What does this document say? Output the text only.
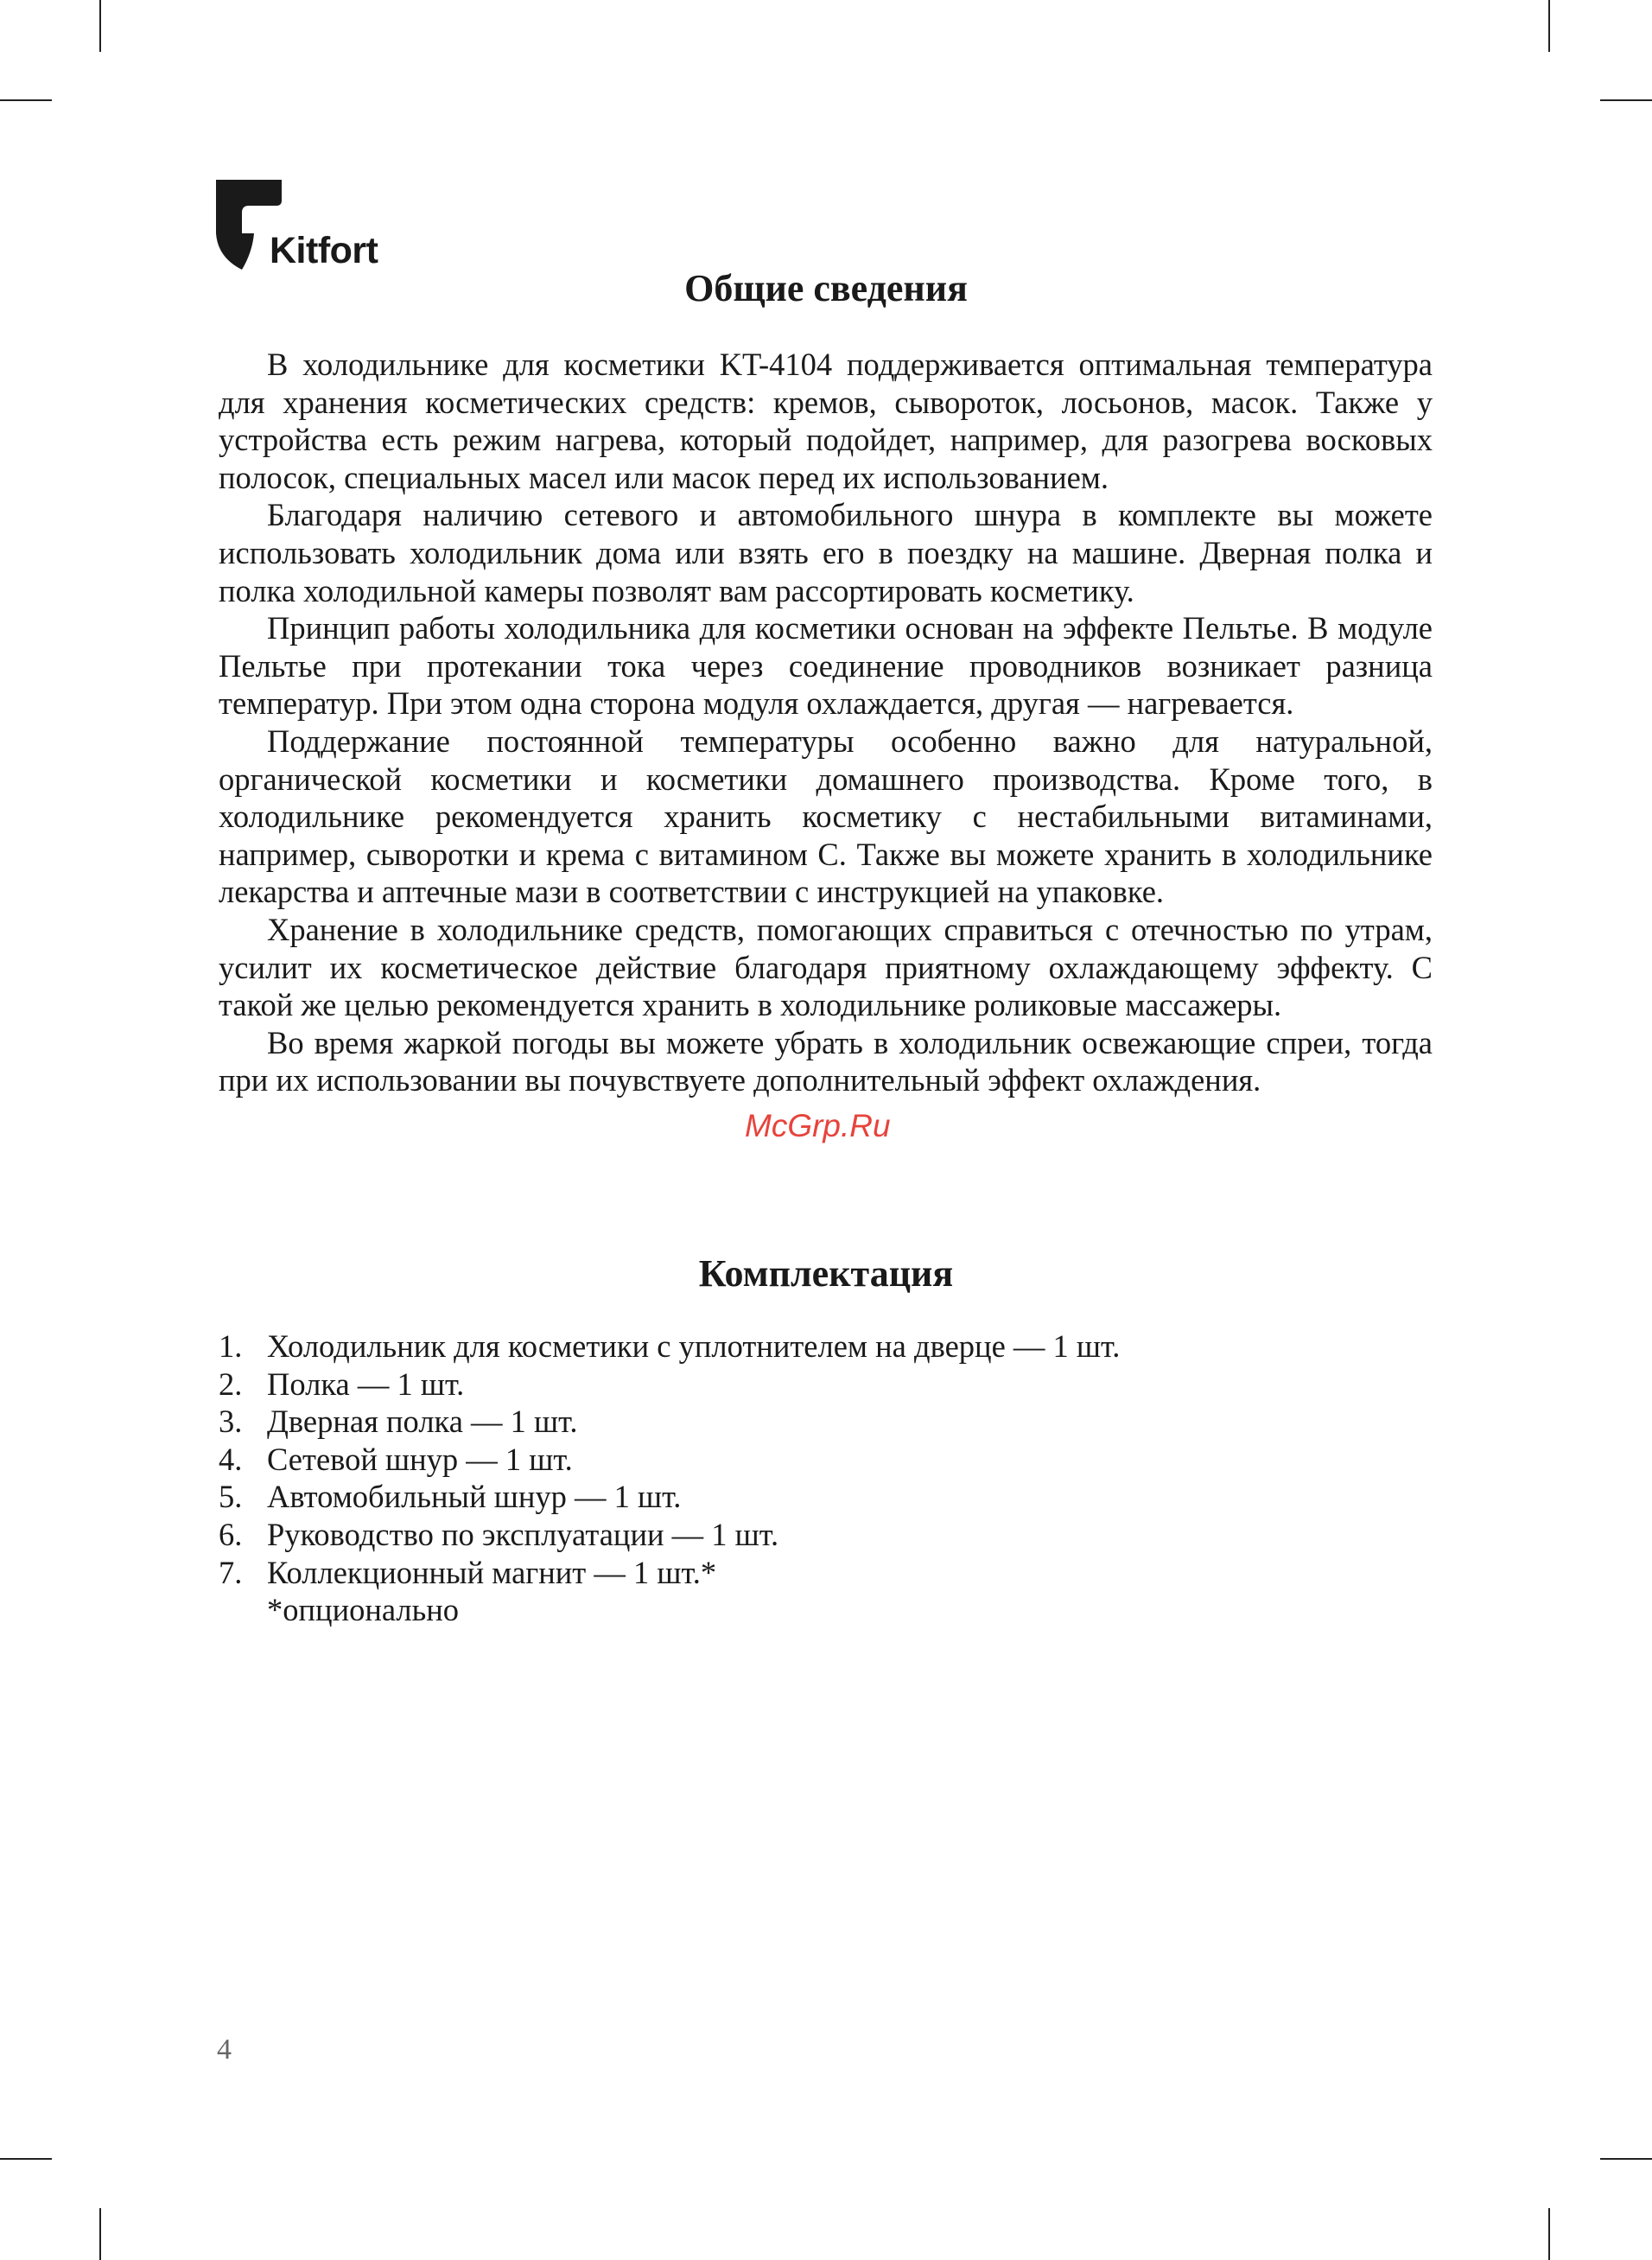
Kitfort
Общие сведения

В холодильнике для косметики KT-4104 поддерживается оптимальная температура для хранения косметических средств: кремов, сывороток, лосьонов, масок. Также у устройства есть режим нагрева, который подойдет, например, для разогрева восковых полосок, специальных масел или масок перед их использованием.

Благодаря наличию сетевого и автомобильного шнура в комплекте вы можете использовать холодильник дома или взять его в поездку на машине. Дверная полка и полка холодильной камеры позволят вам рассортировать косметику.

Принцип работы холодильника для косметики основан на эффекте Пельтье. В модуле Пельтье при протекании тока через соединение проводников возникает разница температур. При этом одна сторона модуля охлаждается, другая — нагревается.

Поддержание постоянной температуры особенно важно для натуральной, органической косметики и косметики домашнего производства. Кроме того, в холодильнике рекомендуется хранить косметику с нестабильными витаминами, например, сыворотки и крема с витамином С. Также вы можете хранить в холодильнике лекарства и аптечные мази в соответствии с инструкцией на упаковке.

Хранение в холодильнике средств, помогающих справиться с отечностью по утрам, усилит их косметическое действие благодаря приятному охлаждающему эффекту. С такой же целью рекомендуется хранить в холодильнике роликовые массажеры.

Во время жаркой погоды вы можете убрать в холодильник освежающие спреи, тогда при их использовании вы почувствуете дополнительный эффект охлаждения.

McGrp.Ru
Комплектация
1. Холодильник для косметики с уплотнителем на дверце — 1 шт.
2. Полка — 1 шт.
3. Дверная полка — 1 шт.
4. Сетевой шнур — 1 шт.
5. Автомобильный шнур — 1 шт.
6. Руководство по эксплуатации — 1 шт.
7. Коллекционный магнит — 1 шт.*
*опционально
4
